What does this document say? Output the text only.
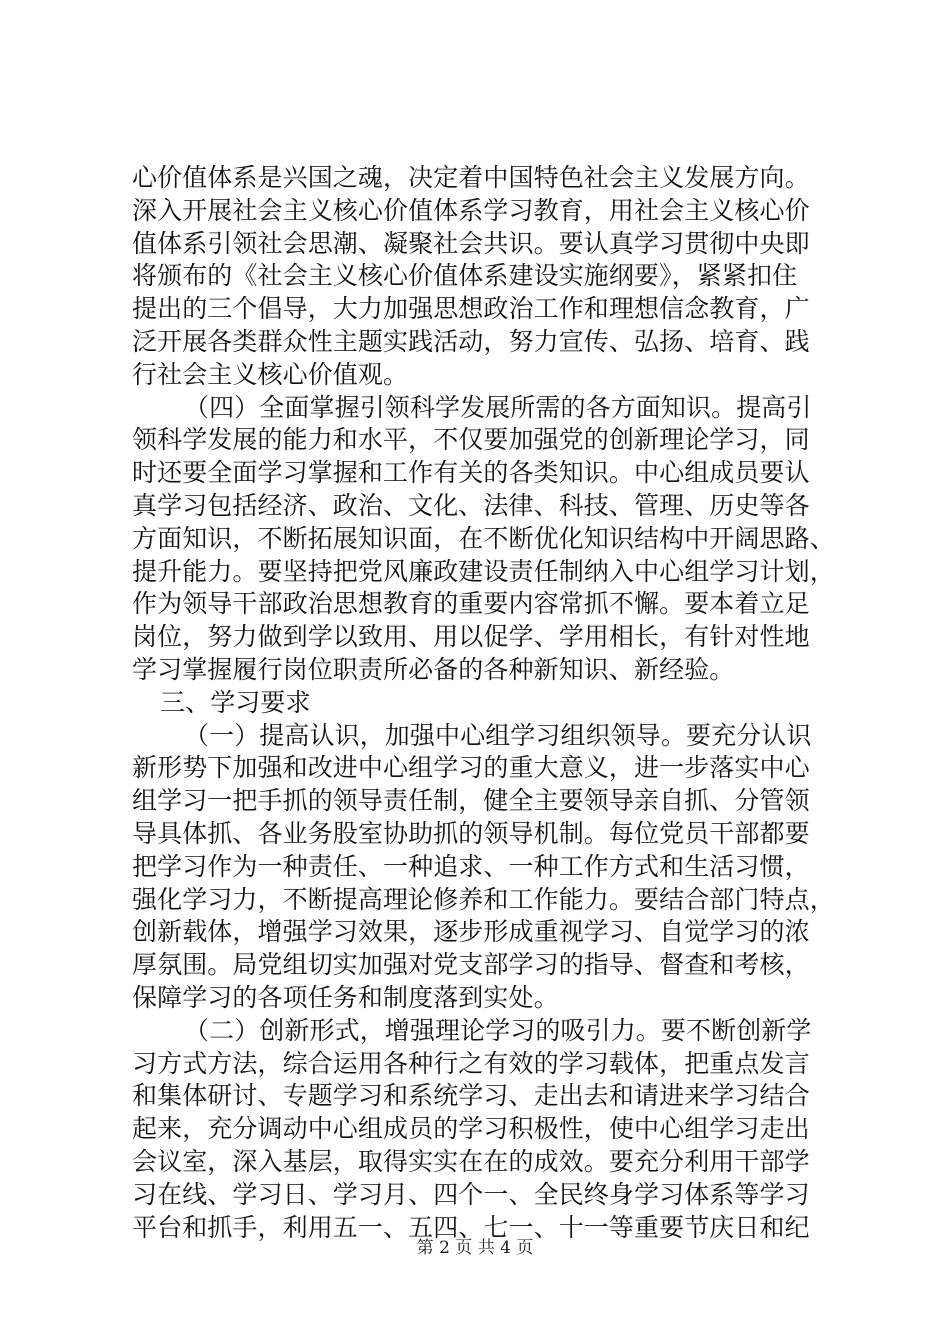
心价值体系是兴国之魂，决定着中国特色社会主义发展方向。
深入开展社会主义核心价值体系学习教育，用社会主义核心价
值体系引领社会思潮、凝聚社会共识。要认真学习贯彻中央即
将颁布的《社会主义核心价值体系建设实施纲要》，紧紧扣住
提出的三个倡导，大力加强思想政治工作和理想信念教育，广
泛开展各类群众性主题实践活动，努力宣传、弘扬、培育、践
行社会主义核心价值观。
（四）全面掌握引领科学发展所需的各方面知识。提高引
领科学发展的能力和水平，不仅要加强党的创新理论学习，同
时还要全面学习掌握和工作有关的各类知识。中心组成员要认
真学习包括经济、政治、文化、法律、科技、管理、历史等各
方面知识，不断拓展知识面，在不断优化知识结构中开阔思路、
提升能力。要坚持把党风廉政建设责任制纳入中心组学习计划，
作为领导干部政治思想教育的重要内容常抓不懈。要本着立足
岗位，努力做到学以致用、用以促学、学用相长，有针对性地
学习掌握履行岗位职责所必备的各种新知识、新经验。
三、学习要求
（一）提高认识，加强中心组学习组织领导。要充分认识
新形势下加强和改进中心组学习的重大意义，进一步落实中心
组学习一把手抓的领导责任制，健全主要领导亲自抓、分管领
导具体抓、各业务股室协助抓的领导机制。每位党员干部都要
把学习作为一种责任、一种追求、一种工作方式和生活习惯，
强化学习力，不断提高理论修养和工作能力。要结合部门特点，
创新载体，增强学习效果，逐步形成重视学习、自觉学习的浓
厚氛围。局党组切实加强对党支部学习的指导、督查和考核，
保障学习的各项任务和制度落到实处。
（二）创新形式，增强理论学习的吸引力。要不断创新学
习方式方法，综合运用各种行之有效的学习载体，把重点发言
和集体研讨、专题学习和系统学习、走出去和请进来学习结合
起来，充分调动中心组成员的学习积极性，使中心组学习走出
会议室，深入基层，取得实实在在的成效。要充分利用干部学
习在线、学习日、学习月、四个一、全民终身学习体系等学习
平台和抓手，利用五一、五四、七一、十一等重要节庆日和纪
第 2 页 共 4 页
